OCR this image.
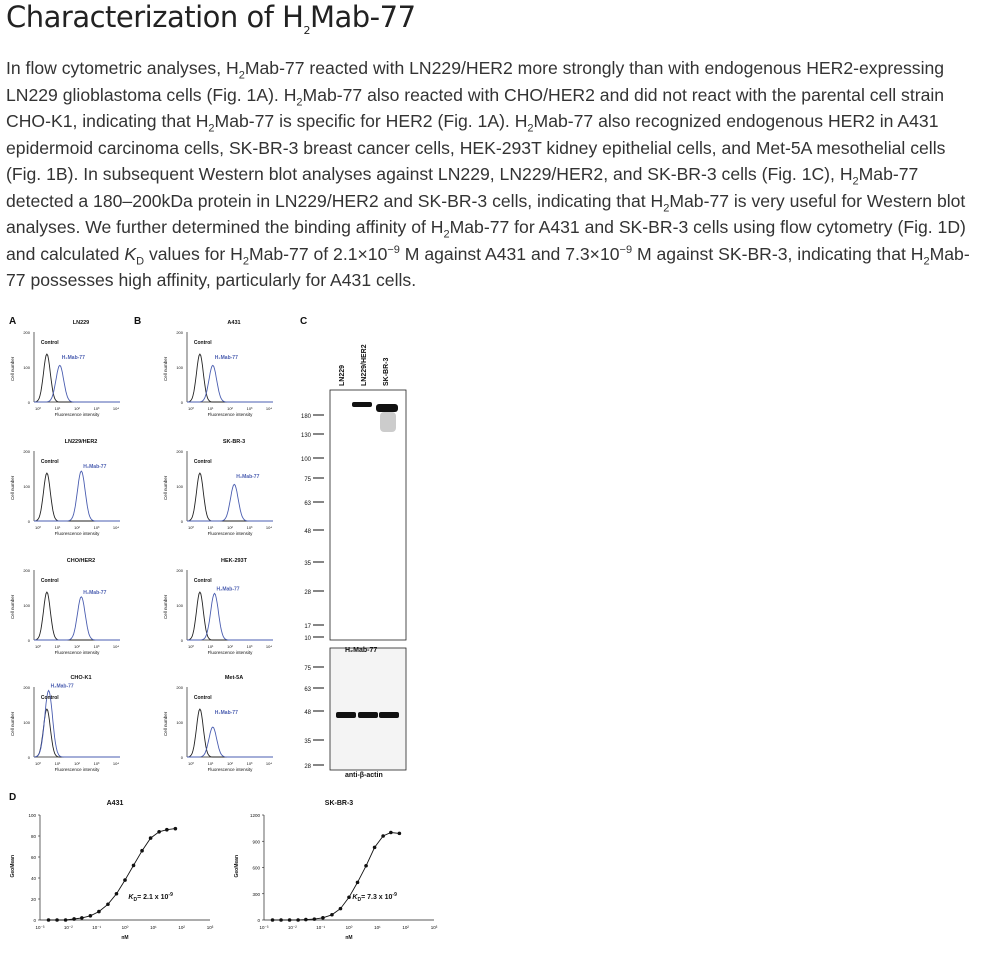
Characterization of $H_2Mab-77$

In flow cytometric analyses, $H_2Mab-77$ reacted with LN229/HER2 more strongly than with endogenous HER2-expressing LN229 glioblastoma cells (Fig. 1A). $H_2Mab-77$ also reacted with CHO/HER2 and did not react with the parental cell strain CHO-K1, indicating that $H_2Mab-77$ is specific for HER2 (Fig. 1A). $H_2Mab-77$ also recognized endogenous HER2 in A431 epidermoid carcinoma cells, SK-BR-3 breast cancer cells, HEK-293T kidney epithelial cells, and Met-5A mesothelial cells (Fig. 1B). In subsequent Western blot analyses against LN229, LN229/HER2, and SK-BR-3 cells (Fig. 1C), $H_2Mab-77$ detected a 180–200kDa protein in LN229/HER2 and SK-BR-3 cells, indicating that $H_2Mab-77$ is very useful for Western blot analyses. We further determined the binding affinity of $H_2Mab-77$ for A431 and SK-BR-3 cells using flow cytometry (Fig. 1D) and calculated $K_D$ values for $H_2Mab-77$ of $2.1\times 10^{-9}$ M against A431 and $7.3\times 10^{-9}$ M against SK-BR-3, indicating that $H_2Mab-77$ possesses high affinity, particularly for A431 cells.

A	B	C
D
LN229
200
100
0
10⁰	10¹	10²	10³	10⁴
Cell number
Fluorescence intensity
Control
H₂Mab-77
LN229/HER2
200
100
0
10⁰	10¹	10²	10³	10⁴
Cell number
Fluorescence intensity
Control
H₂Mab-77
CHO/HER2
200
100
0
10⁰	10¹	10²	10³	10⁴
Cell number
Fluorescence intensity
Control
H₂Mab-77
CHO-K1
200
100
0
10⁰	10¹	10²	10³	10⁴
Cell number
Fluorescence intensity
Control
H₂Mab-77
A431
200
100
0
10⁰	10¹	10²	10³	10⁴
Cell number
Fluorescence intensity
Control
H₂Mab-77
SK-BR-3
200
100
0
10⁰	10¹	10²	10³	10⁴
Cell number
Fluorescence intensity
Control
H₂Mab-77
HEK-293T
200
100
0
10⁰	10¹	10²	10³	10⁴
Cell number
Fluorescence intensity
Control
H₂Mab-77
Met-5A
200
100
0
10⁰	10¹	10²	10³	10⁴
Cell number
Fluorescence intensity
Control
H₂Mab-77
LN229 LN229/HER2 SK-BR-3
180
130
100
75
63
48
35
28
17
10
75
63
48
35
28
H₂Mab-77
anti-β-actin
A431
100
80
60
40
20
0
10⁻³	10⁻²	10⁻¹	10⁰	10¹	10²	10³
GeoMean
nM
$K_D= 2.1$ x $10^{-9}$
SK-BR-3
1200
900
600
300
0
10⁻³	10⁻²	10⁻¹	10⁰	10¹	10²	10³
GeoMean
nM
$K_D= 7.3$ x $10^{-9}$
